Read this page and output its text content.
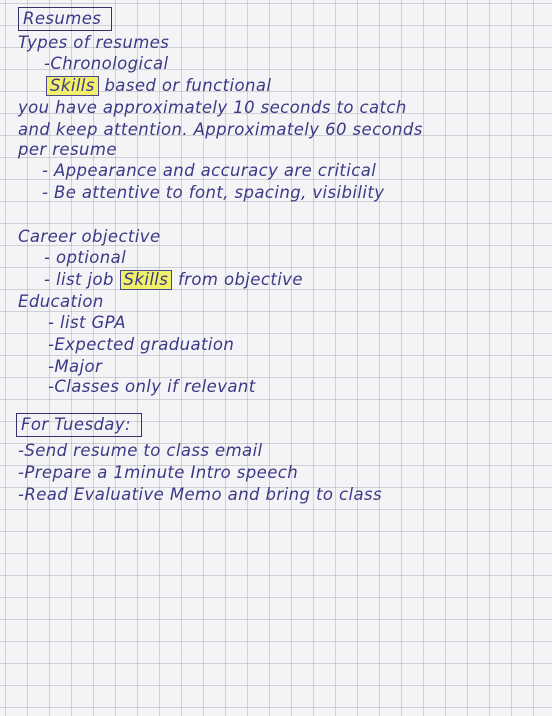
Resumes
Types of resumes
-Chronological
Skills based or functional
you have approximately 10 seconds to catch
and keep attention. Approximately 60 seconds
per resume
- Appearance and accuracy are critical
- Be attentive to font, spacing, visibility
Career objective
- optional
- list job Skills from objective
Education
- list GPA
-Expected graduation
-Major
-Classes only if relevant
For Tuesday:
-Send resume to class email
-Prepare a 1minute Intro speech
-Read Evaluative Memo and bring to class
